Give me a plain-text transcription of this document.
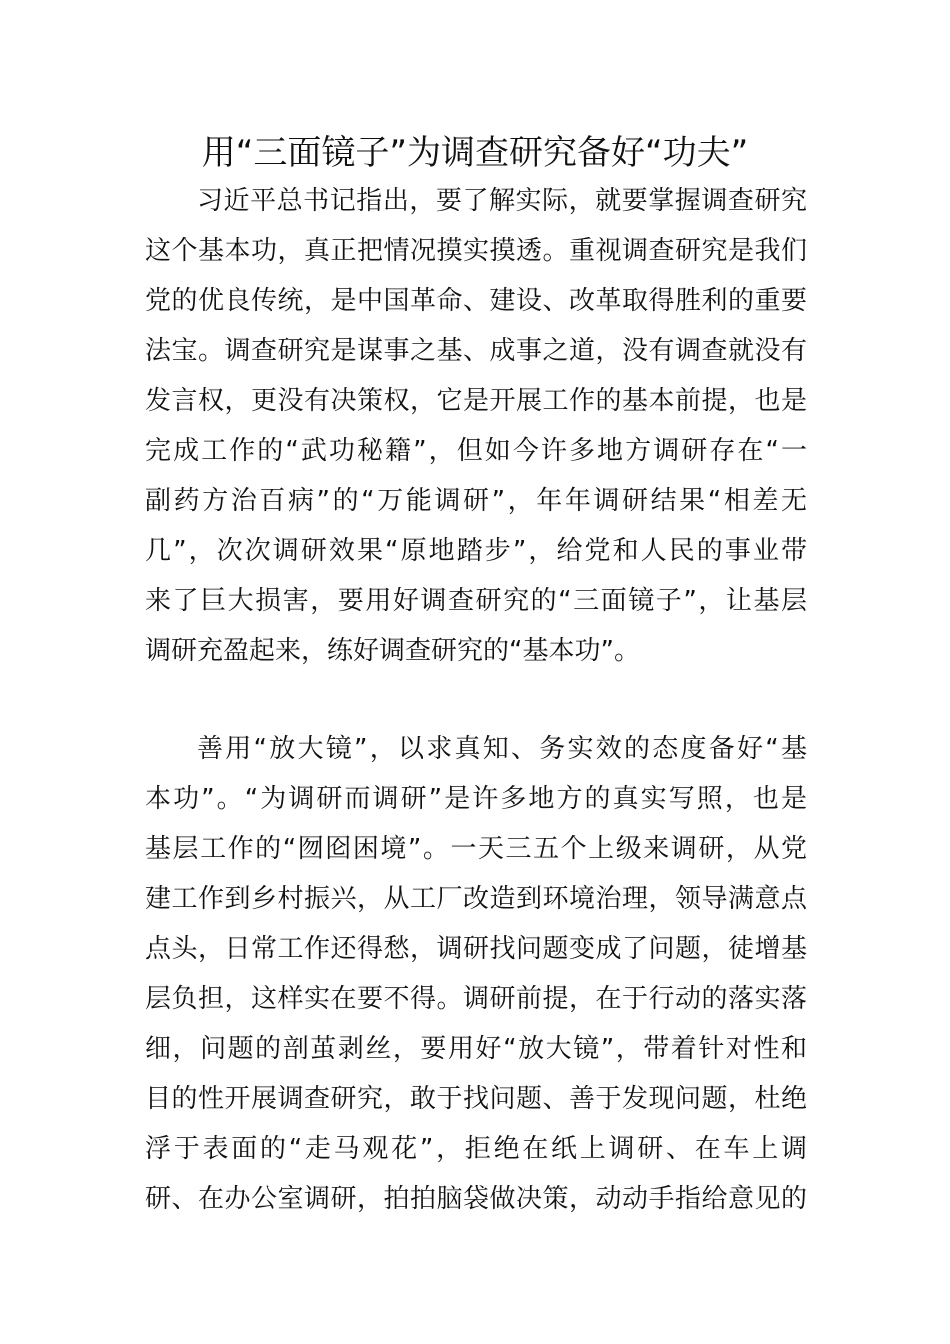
用“三面镜子”为调查研究备好“功夫”

习近平总书记指出，要了解实际，就要掌握调查研究
这个基本功，真正把情况摸实摸透。重视调查研究是我们
党的优良传统，是中国革命、建设、改革取得胜利的重要
法宝。调查研究是谋事之基、成事之道，没有调查就没有
发言权，更没有决策权，它是开展工作的基本前提，也是
完成工作的“武功秘籍”，但如今许多地方调研存在“一
副药方治百病”的“万能调研”，年年调研结果“相差无
几”，次次调研效果“原地踏步”，给党和人民的事业带
来了巨大损害，要用好调查研究的“三面镜子”，让基层
调研充盈起来，练好调查研究的“基本功”。

善用“放大镜”，以求真知、务实效的态度备好“基
本功”。“为调研而调研”是许多地方的真实写照，也是
基层工作的“囫囵困境”。一天三五个上级来调研，从党
建工作到乡村振兴，从工厂改造到环境治理，领导满意点
点头，日常工作还得愁，调研找问题变成了问题，徒增基
层负担，这样实在要不得。调研前提，在于行动的落实落
细，问题的剖茧剥丝，要用好“放大镜”，带着针对性和
目的性开展调查研究，敢于找问题、善于发现问题，杜绝
浮于表面的“走马观花”，拒绝在纸上调研、在车上调
研、在办公室调研，拍拍脑袋做决策，动动手指给意见的
